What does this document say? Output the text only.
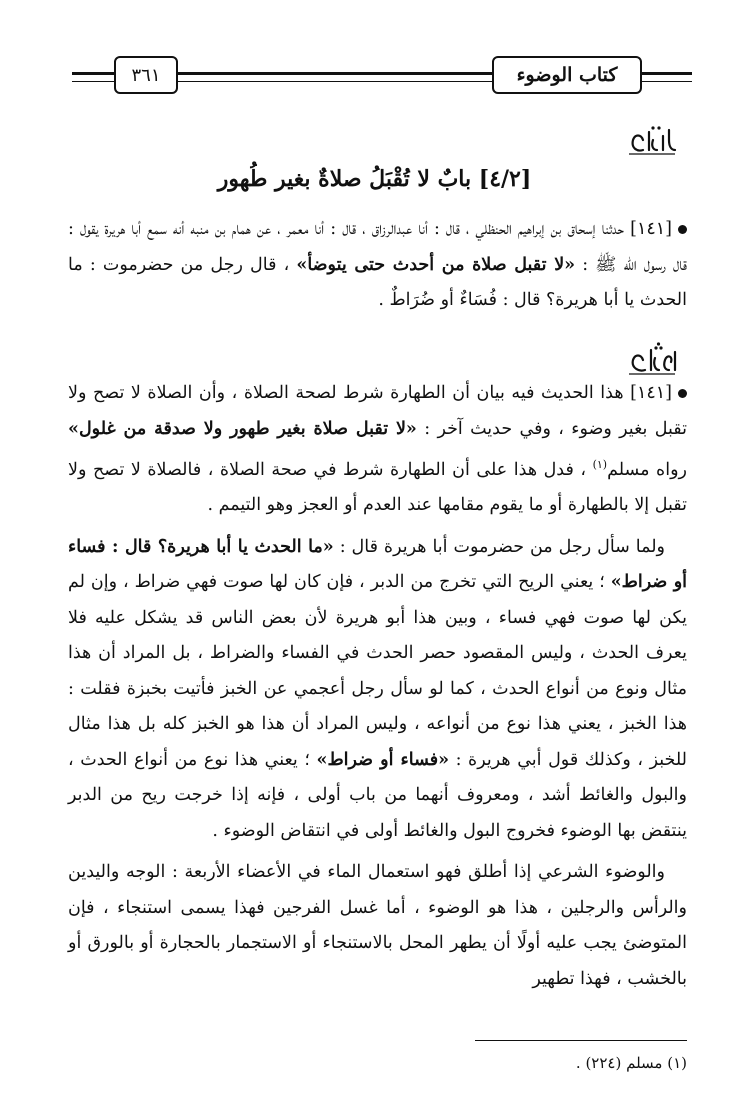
كتاب الوضوء
٣٦١
[٤/٢] بابٌ لا تُقْبَلُ صلاةٌ بغير طُهور

[١٤١] حدثنا إسحاق بن إبراهيم الحنظلي ، قال : أنا عبدالرزاق ، قال : أنا معمر ، عن همام بن منبه أنه سمع أبا هريرة يقول : قال رسول الله ﷺ : «لا تقبل صلاة من أحدث حتى يتوضأ» ، قال رجل من حضرموت : ما الحدث يا أبا هريرة؟ قال : فُسَاءٌ أو ضُرَاطٌ .

[١٤١] هذا الحديث فيه بيان أن الطهارة شرط لصحة الصلاة ، وأن الصلاة لا تصح ولا تقبل بغير وضوء ، وفي حديث آخر : «لا تقبل صلاة بغير طهور ولا صدقة من غلول» رواه مسلم$^{(١)}$ ، فدل هذا على أن الطهارة شرط في صحة الصلاة ، فالصلاة لا تصح ولا تقبل إلا بالطهارة أو ما يقوم مقامها عند العدم أو العجز وهو التيمم .

ولما سأل رجل من حضرموت أبا هريرة قال : «ما الحدث يا أبا هريرة؟ قال : فساء أو ضراط» ؛ يعني الريح التي تخرج من الدبر ، فإن كان لها صوت فهي ضراط ، وإن لم يكن لها صوت فهي فساء ، وبين هذا أبو هريرة لأن بعض الناس قد يشكل عليه فلا يعرف الحدث ، وليس المقصود حصر الحدث في الفساء والضراط ، بل المراد أن هذا مثال ونوع من أنواع الحدث ، كما لو سأل رجل أعجمي عن الخبز فأتيت بخبزة فقلت : هذا الخبز ، يعني هذا نوع من أنواعه ، وليس المراد أن هذا هو الخبز كله بل هذا مثال للخبز ، وكذلك قول أبي هريرة : «فساء أو ضراط» ؛ يعني هذا نوع من أنواع الحدث ، والبول والغائط أشد ، ومعروف أنهما من باب أولى ، فإنه إذا خرجت ريح من الدبر ينتقض بها الوضوء فخروج البول والغائط أولى في انتقاض الوضوء .

والوضوء الشرعي إذا أطلق فهو استعمال الماء في الأعضاء الأربعة : الوجه واليدين والرأس والرجلين ، هذا هو الوضوء ، أما غسل الفرجين فهذا يسمى استنجاء ، فإن المتوضئ يجب عليه أولًا أن يطهر المحل بالاستنجاء أو الاستجمار بالحجارة أو بالورق أو بالخشب ، فهذا تطهير

(١) مسلم (٢٢٤) .
